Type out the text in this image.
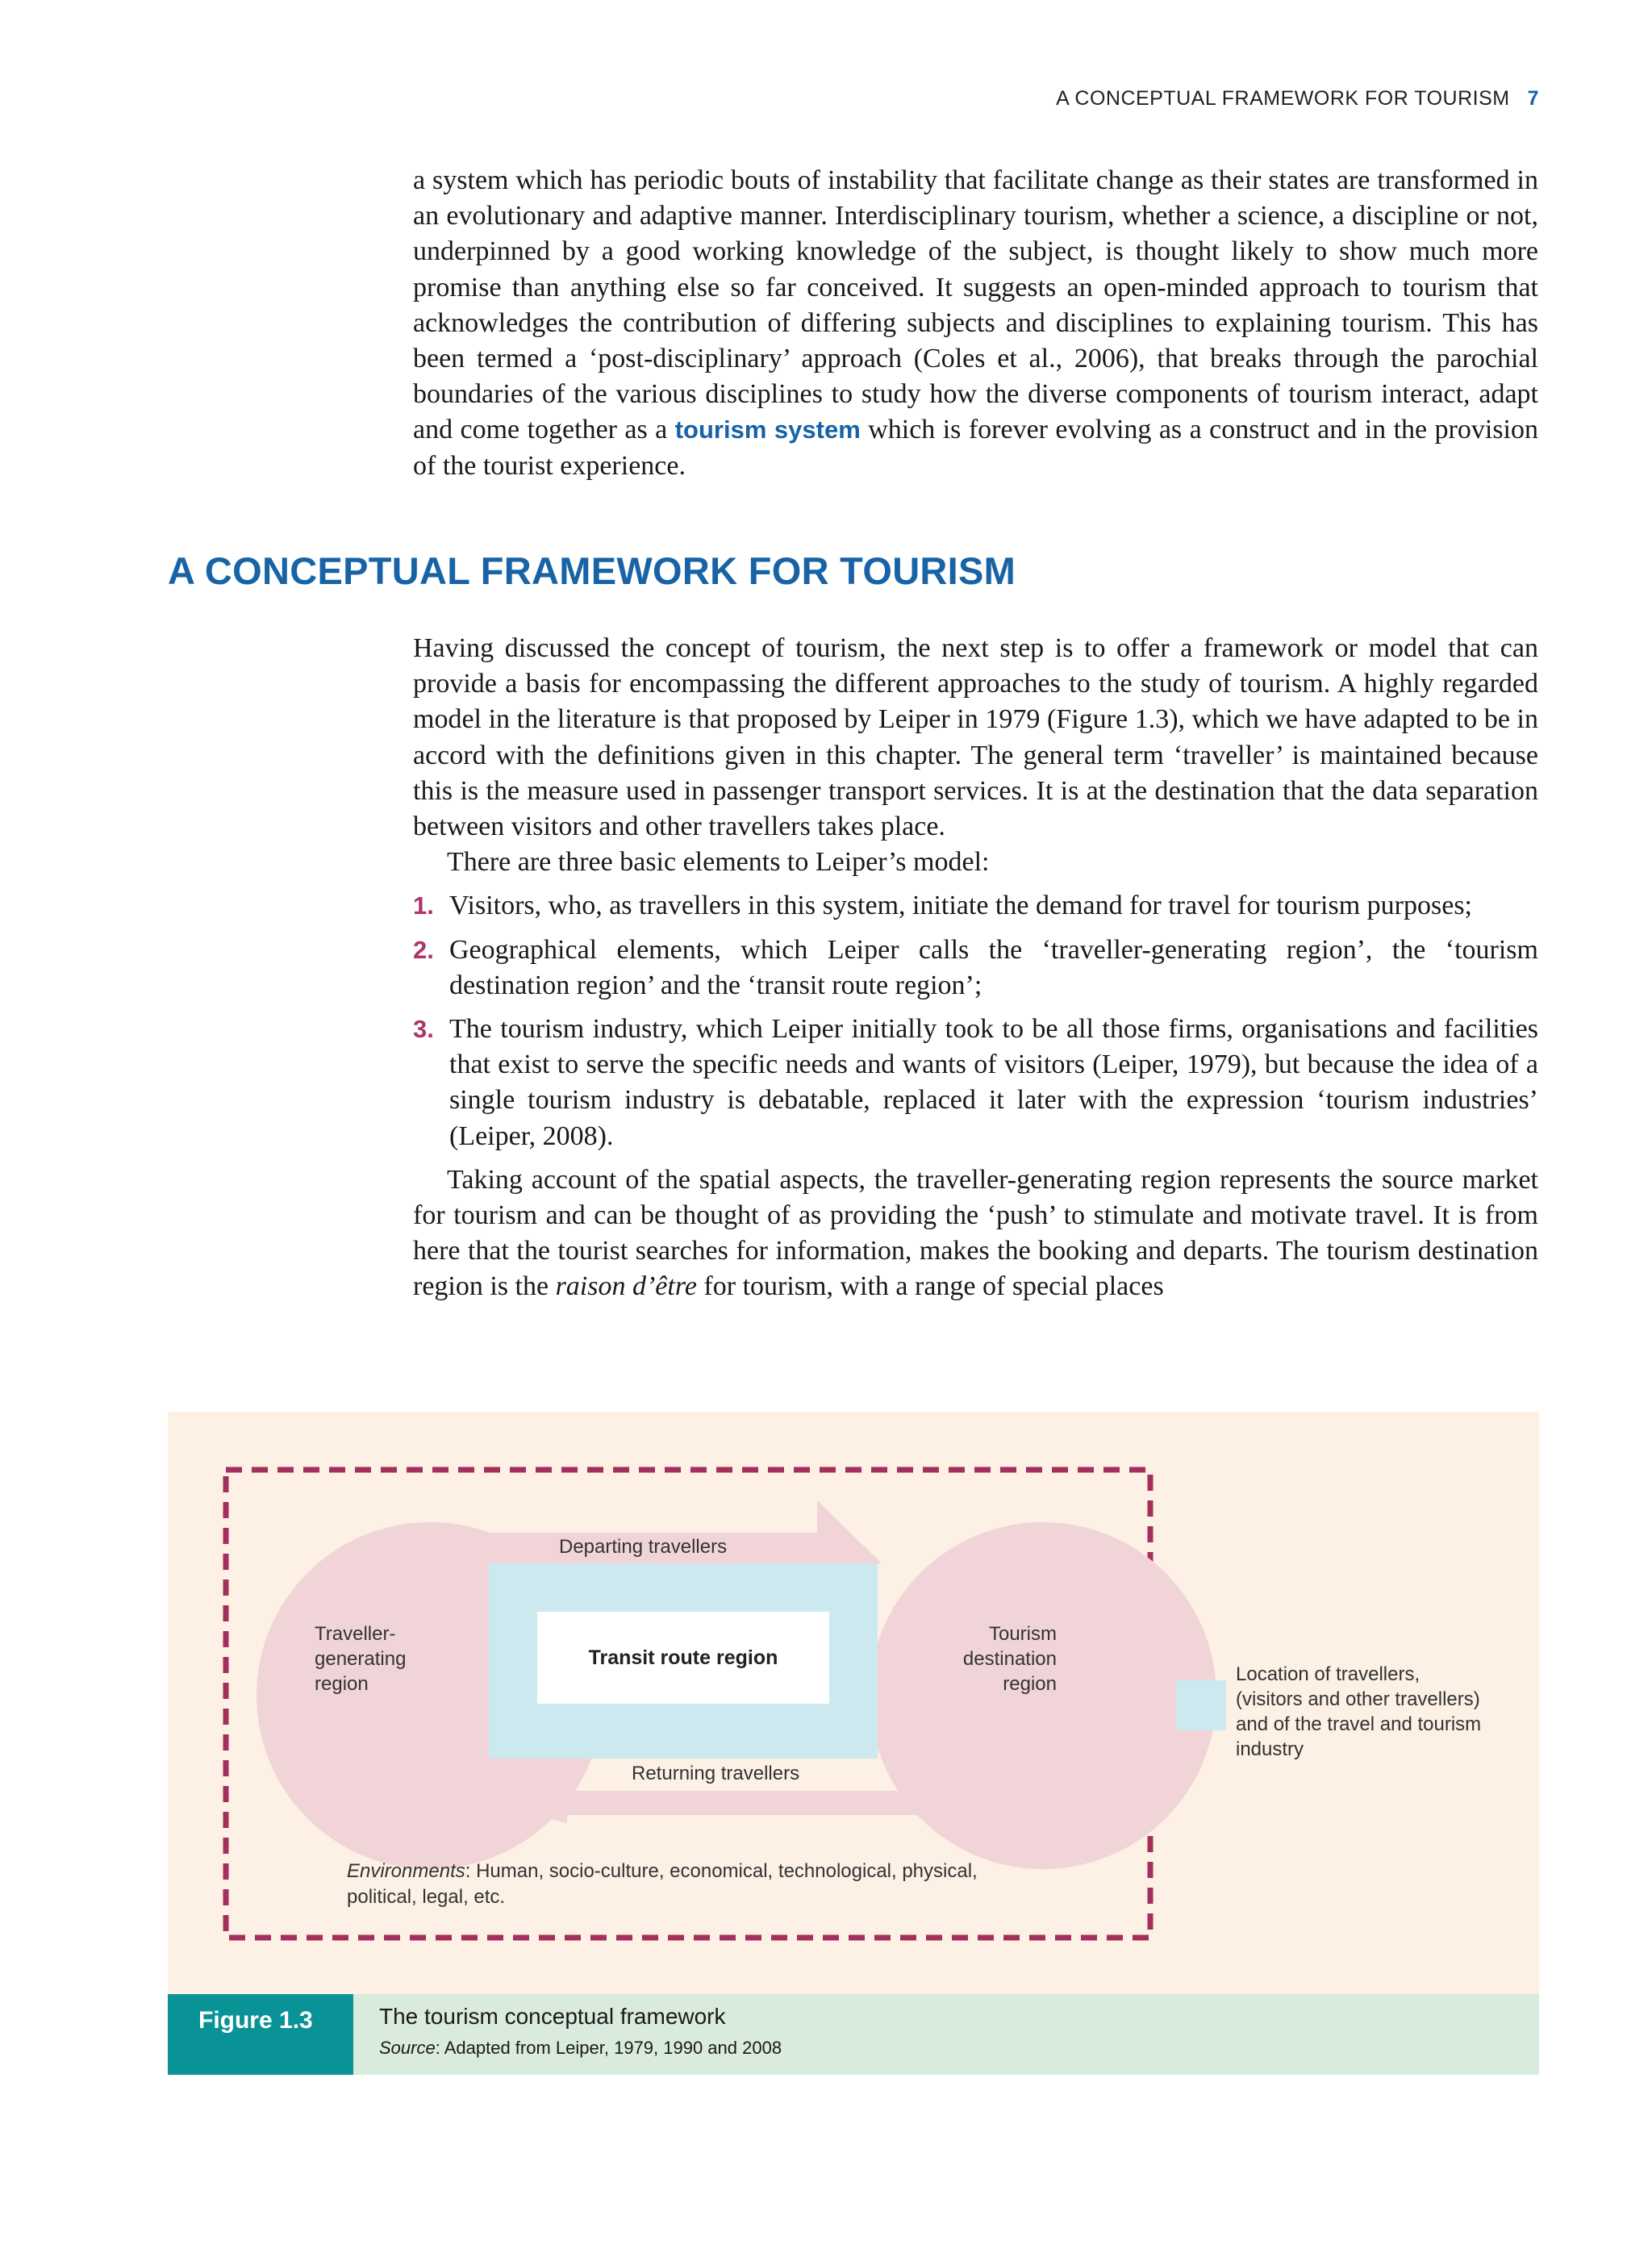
A CONCEPTUAL FRAMEWORK FOR TOURISM 7

a system which has periodic bouts of instability that facilitate change as their states are transformed in an evolutionary and adaptive manner. Interdisciplinary tourism, whether a science, a discipline or not, underpinned by a good working knowledge of the subject, is thought likely to show much more promise than anything else so far conceived. It suggests an open-minded approach to tourism that acknowledges the contribution of differing subjects and disciplines to explaining tourism. This has been termed a ‘post-disciplinary’ approach (Coles et al., 2006), that breaks through the parochial boundaries of the various disciplines to study how the diverse components of tourism interact, adapt and come together as a tourism system which is forever evolving as a construct and in the provision of the tourist experience.

A CONCEPTUAL FRAMEWORK FOR TOURISM

Having discussed the concept of tourism, the next step is to offer a framework or model that can provide a basis for encompassing the different approaches to the study of tourism. A highly regarded model in the literature is that proposed by Leiper in 1979 (Figure 1.3), which we have adapted to be in accord with the definitions given in this chapter. The general term ‘traveller’ is maintained because this is the measure used in passenger transport services. It is at the destination that the data separation between visitors and other travellers takes place.

There are three basic elements to Leiper’s model:

1. Visitors, who, as travellers in this system, initiate the demand for travel for tourism purposes;
2. Geographical elements, which Leiper calls the ‘traveller-generating region’, the ‘tourism destination region’ and the ‘transit route region’;
3. The tourism industry, which Leiper initially took to be all those firms, organisations and facilities that exist to serve the specific needs and wants of visitors (Leiper, 1979), but because the idea of a single tourism industry is debatable, replaced it later with the expression ‘tourism industries’ (Leiper, 2008).

Taking account of the spatial aspects, the traveller-generating region represents the source market for tourism and can be thought of as providing the ‘push’ to stimulate and motivate travel. It is from here that the tourist searches for information, makes the booking and departs. The tourism destination region is the raison d’être for tourism, with a range of special places

Departing travellers
Returning travellers
Traveller-
generating
region
Transit route region
Tourism
destination
region
Environments: Human, socio-culture, economical, technological, physical,
political, legal, etc.
Location of travellers,
(visitors and other travellers)
and of the travel and tourism
industry
Figure 1.3	The tourism conceptual framework
Source: Adapted from Leiper, 1979, 1990 and 2008
